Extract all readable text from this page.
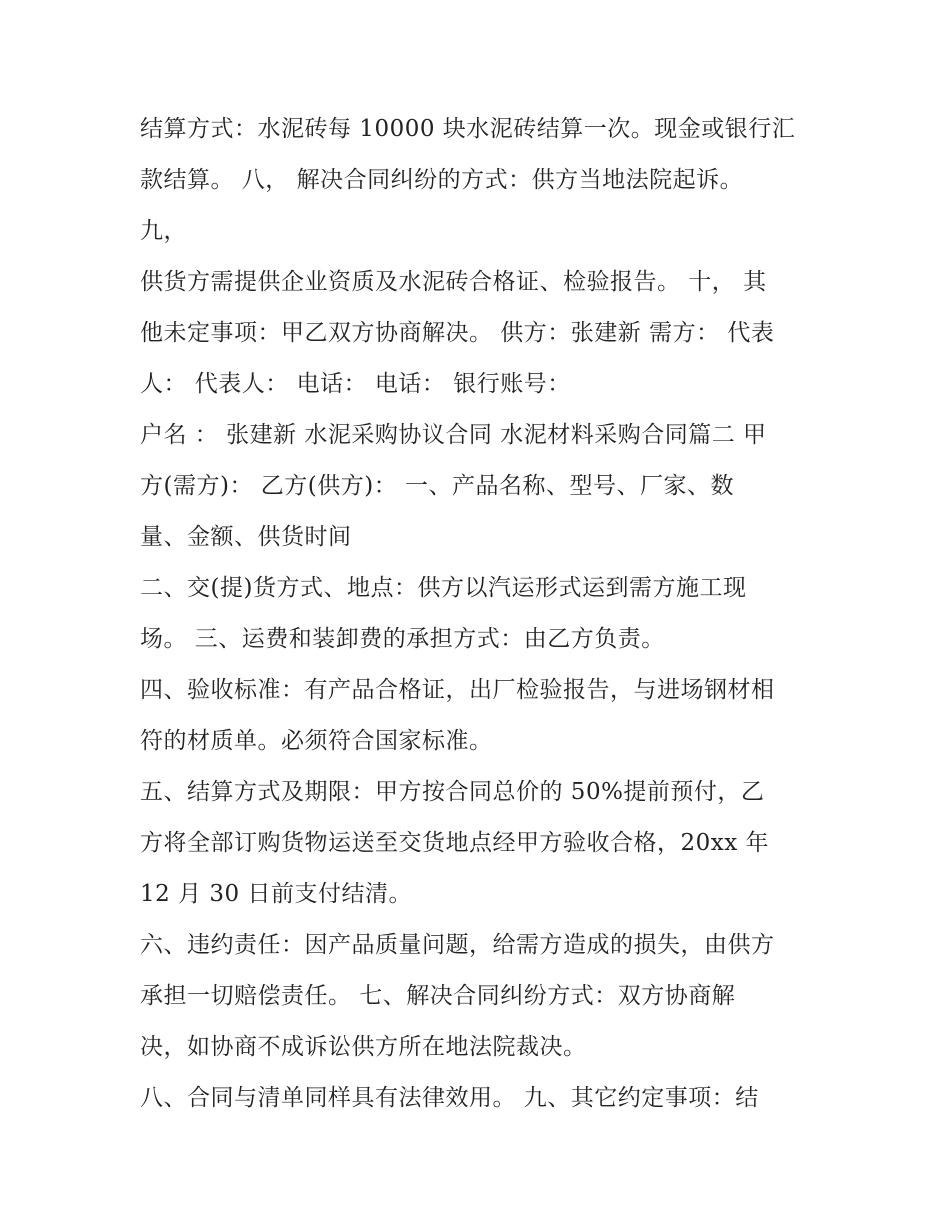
结算方式：水泥砖每 10000 块水泥砖结算一次。现金或银行汇
款结算。 八， 解决合同纠纷的方式：供方当地法院起诉。
九，
供货方需提供企业资质及水泥砖合格证、检验报告。 十， 其
他未定事项：甲乙双方协商解决。 供方：张建新 需方： 代表
人： 代表人： 电话： 电话： 银行账号：
户名 ： 张建新 水泥采购协议合同 水泥材料采购合同篇二 甲
方(需方)： 乙方(供方)： 一、产品名称、型号、厂家、数
量、金额、供货时间
二、交(提)货方式、地点：供方以汽运形式运到需方施工现
场。 三、运费和装卸费的承担方式：由乙方负责。
四、验收标准：有产品合格证，出厂检验报告，与进场钢材相
符的材质单。必须符合国家标准。
五、结算方式及期限：甲方按合同总价的 50%提前预付，乙
方将全部订购货物运送至交货地点经甲方验收合格，20xx 年
12 月 30 日前支付结清。
六、违约责任：因产品质量问题，给需方造成的损失，由供方
承担一切赔偿责任。 七、解决合同纠纷方式：双方协商解
决，如协商不成诉讼供方所在地法院裁决。
八、合同与清单同样具有法律效用。 九、其它约定事项：结
